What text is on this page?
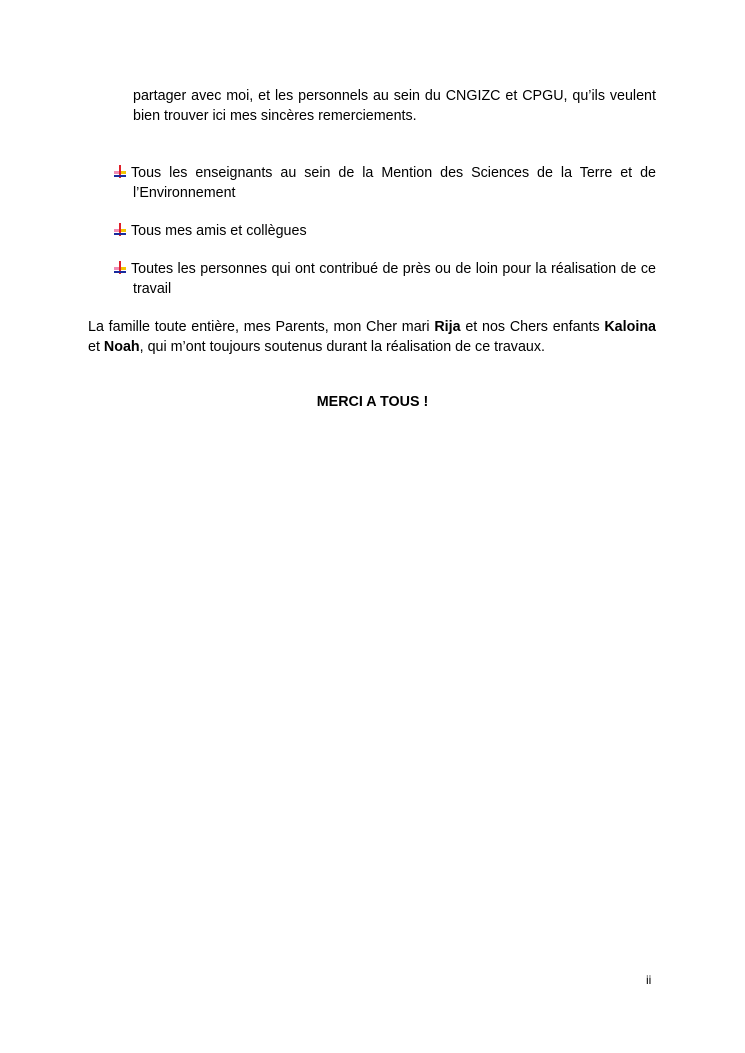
partager avec moi, et les personnels au sein du CNGIZC et CPGU, qu’ils veulent bien trouver ici mes sincères remerciements.
Tous les enseignants au sein de la Mention des Sciences de la Terre et de l’Environnement
Tous mes amis et collègues
Toutes les personnes qui ont contribué de près ou de loin pour la réalisation de ce travail
La famille toute entière, mes Parents, mon Cher mari Rija et nos Chers enfants Kaloina et Noah, qui m’ont toujours soutenus durant la réalisation de ce travaux.
MERCI A TOUS !
ii
